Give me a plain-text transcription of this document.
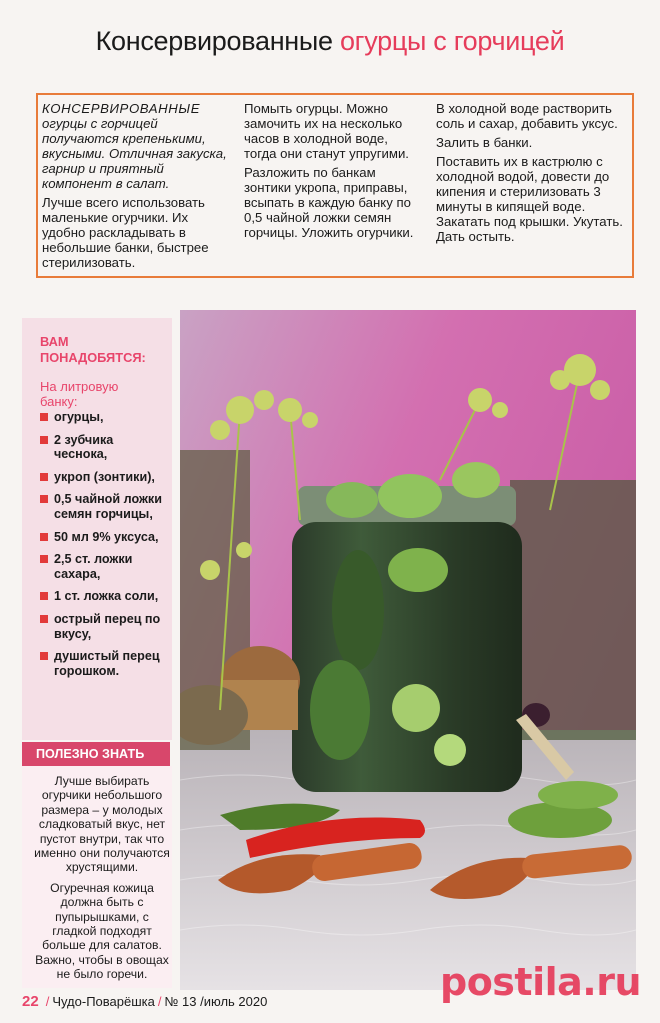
Консервированные огурцы с горчицей

КОНСЕРВИРОВАННЫЕ огурцы с горчицей получаются крепенькими, вкусными. Отличная закуска, гарнир и приятный компонент в салат.

Лучше всего использовать маленькие огурчики. Их удобно раскладывать в небольшие банки, быстрее стерилизовать.

Помыть огурцы. Можно замочить их на несколько часов в холодной воде, тогда они станут упругими.

Разложить по банкам зонтики укропа, приправы, всыпать в каждую банку по 0,5 чайной ложки семян горчицы. Уложить огурчики.

В холодной воде растворить соль и сахар, добавить уксус.

Залить в банки.

Поставить их в кастрюлю с холодной водой, довести до кипения и стерилизовать 3 минуты в кипящей воде. Закатать под крышки. Укутать. Дать остыть.

ВАМ ПОНАДОБЯТСЯ:
На литровую банку:
огурцы,
2 зубчика чеснока,
укроп (зонтики),
0,5 чайной ложки семян горчицы,
50 мл 9% уксуса,
2,5 ст. ложки сахара,
1 ст. ложка соли,
острый перец по вкусу,
душистый перец горошком.
ПОЛЕЗНО ЗНАТЬ

Лучше выбирать огурчики небольшого размера – у молодых сладковатый вкус, нет пустот внутри, так что именно они получаются хрустящими.

Огуречная кожица должна быть с пупырышками, с гладкой подходят больше для салатов. Важно, чтобы в овощах не было горечи.	postila.ru
22 / Чудо-Поварёшка / № 13 /июль 2020
